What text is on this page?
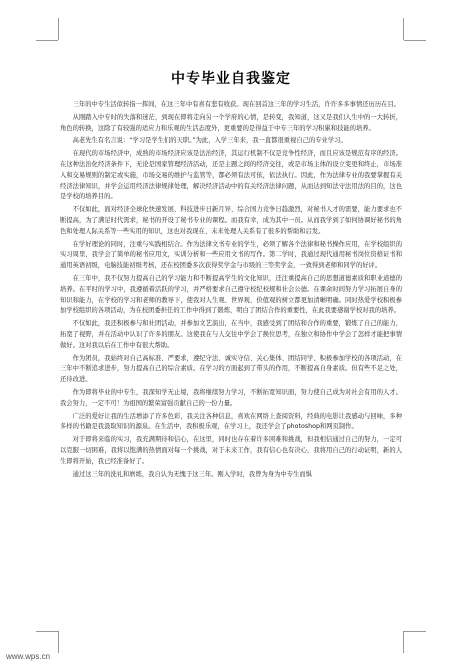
中专毕业自我鉴定

三年的中专生活似转指一挥间，在这三年中有喜有悲有收获。现在回首这三年的学习生活，许许多多事情还历历在目。

从刚踏入中专时的失落和迷茫，到现在即将走向另一个学府的心情，是转变，我知道，这又是我们人生中的一大转折，角色的转换，这除了有较强的适应力和乐观的生活态度外，更重要的是得益于中专三年的学习积累和技能的培养。

高老先生有名言说：“学习是学生们的天职。”为此，入学三年来，我一直都很重视自己的专业学习。

在现代的市场经济中，成熟的市场经济应该是法治经济，其运行机制不仅是竞争性经济，而且应该是规范有序的经济。在这种法治化经济条件下，无论是国家管理经济活动，还是主题之间的经济交往，或是市场主体的设立变更和终止，市场准入和交易规则的制定或实施，市场交易的维护与监管等，都必须有法可依，依法执行。因此，作为法律专业的我要掌握有关经济法律知识，并学会运用经济法律规律处理，解决经济活动中的有关经济法律问题，从而达到知法守法用法的目的，这也是学校的培养目的。

不仅如此，面对经济全球化快速发展、科技进步日新月异、综合国力竞争日趋激烈，对秘书人才的需要，能力要求也不断提高，为了满足时代需求，秘书的开设了秘书专业的课程。而我有幸，成为其中一员。从而我学到了如何协调好秘书的角色和处理人际关系等一些实用的知识，这也对我现在、未来处理人关系有了很多的帮助和启发。

在学好理论的同时，注重与实践相结合。作为法律文书专业的学生，必须了解各个法律和秘书操作应用，在学校组织的实习周里，我学会了简单的秘书应用文，实训分析和一些应用文书的写作。第二学时，我通过现代通用秘书岗位资格证书和通用英语初级，电脑技能初级考核，还在校团委多次获得奖学金与市级的三等奖学金，一致得到老师和同学的好评。

在三年中，我不仅努力提高自己的学习能力和不断提高学生的文化知识，还注重提高自己的思想道德素质和职业道德的培养。在平时的学习中，我遵循着活跃的学习，并严格要求自己遵守校纪校规和社会公德。在课余时间努力学习拓展自身的知识和能力，在学校的学习和老师的教导下，使我对人生观、世界观、价值观的树立都更加清晰明确。同时热爱学校积极参加学校组织的各项活动，为在校团委担任的工作中得到了锻炼，明白了团结合作的重要性，在此我要感谢学校对我的培养。

不仅如此，我还积极参与和社团活动，并参加文艺演出，在当中，我感受到了团结和合作的重要，锻炼了自己的能力，拓宽了视野，并在活动中认识了许多的朋友。这使我在与人交往中学会了换位思考，在独立和协作中学会了怎样才能把事情做好。这对我以后在工作中有很大帮助。

作为团员，我始终对自己高标准、严要求，遵纪守法、诚实守信、关心集体、团结同学、积极参加学校的各项活动，在三年中不断追求进步，努力提高自己的综合素质。在学习的方面起到了带头的作用，不断提高自身素质。但有些不足之处，还待改进。

作为即将毕业的中专生，我深知学无止境，我将继续努力学习，不断拓宽知识面，努力使自己成为对社会有用的人才。我会努力，一定不可！为祖国的繁荣富强贡献自己的一份力量。

广泛的爱好让我的生活增添了许多色彩，我关注各种信息，喜欢在网络上查阅资料，经典的电影让我感动与回味，多种多样的书籍是我汲取知识的源泉。在生活中，我积极乐观，在学习上，我还学会了photoshop和网页制作。

对于即将来临的实习，我充满期待和信心，在这里，同时也存在着许多困难和挑战，但我相信通过自己的努力，一定可以克服一切困难，我将以饱满的热情面对每一个挑战，对于未来工作，我有信心也有决心，我将用自己的行动证明，新的人生即将开始，我已经准备好了。

通过这三年的洗礼和磨练，我自认为无愧于这三年。刚入学时，我曾为身为中专生而惧

www.wps.cn
